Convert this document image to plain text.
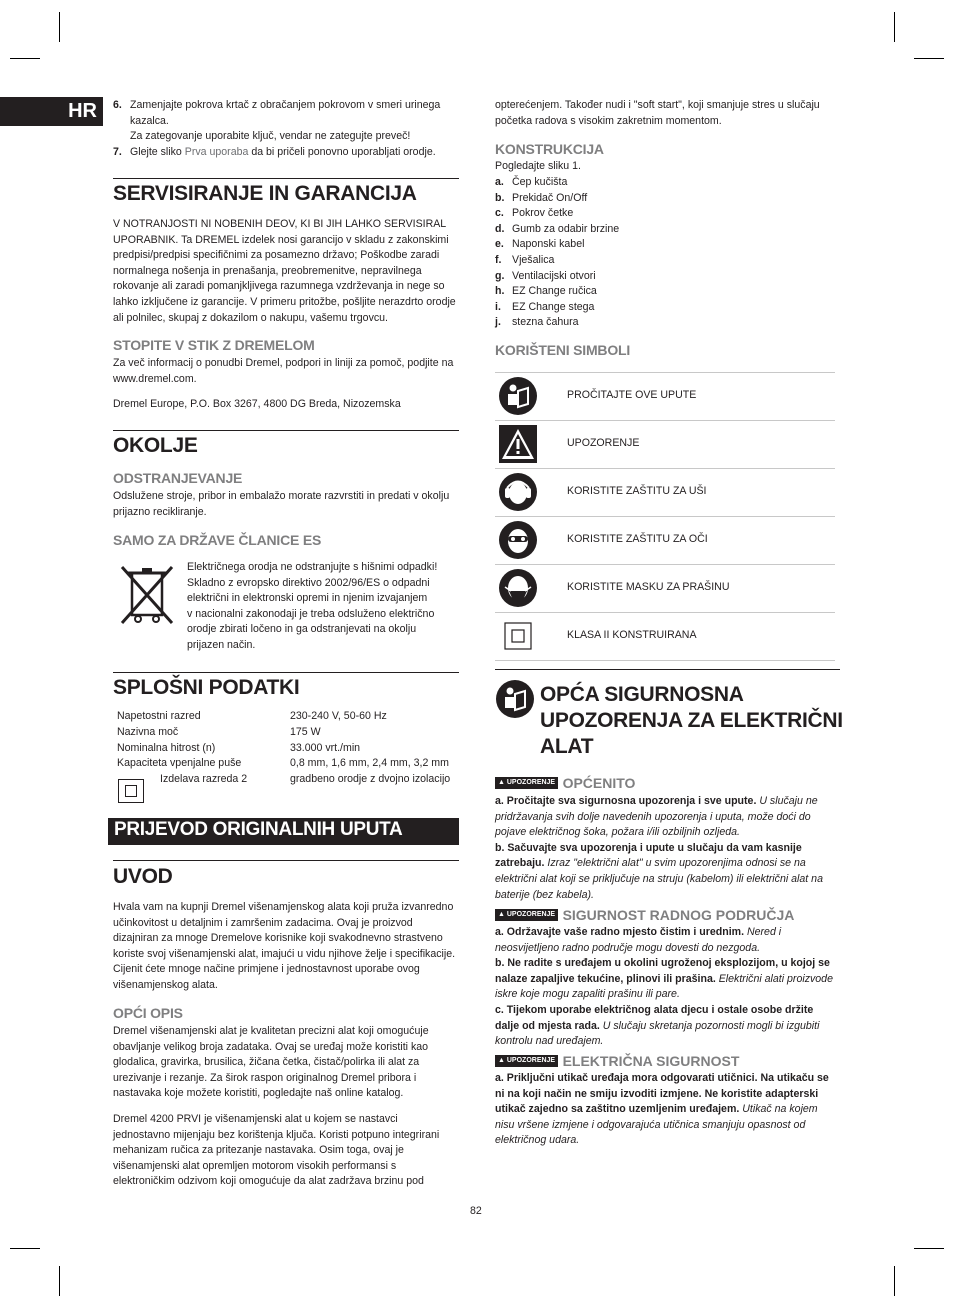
HR	6. Zamenjajte pokrova krtač z obračanjem pokrovom v smeri urinega
kazalca.
Za zategovanje uporabite ključ, vendar ne zategujte preveč!
7. Glejte sliko Prva uporaba da bi pričeli ponovno uporabljati orodje.
SERVISIRANJE IN GARANCIJA
V NOTRANJOSTI NI NOBENIH DEOV, KI BI JIH LAHKO SERVISIRAL
UPORABNIK. Ta DREMEL izdelek nosi garancijo v skladu z zakonskimi
predpisi/predpisi specifičnimi za posamezno državo; Poškodbe zaradi
normalnega nošenja in prenašanja, preobremenitve, nepravilnega
rokovanje ali zaradi pomanjkljivega razumnega vzdrževanja in nege so
lahko izključene iz garancije. V primeru pritožbe, pošljite nerazdrto orodje
ali polnilec, skupaj z dokazilom o nakupu, vašemu trgovcu.
STOPITE V STIK Z DREMELOM
Za več informacij o ponudbi Dremel, podpori in liniji za pomoč, podjite na
www.dremel.com.
Dremel Europe, P.O. Box 3267, 4800 DG Breda, Nizozemska
OKOLJE
ODSTRANJEVANJE
Odslužene stroje, pribor in embalažo morate razvrstiti in predati v okolju
prijazno recikliranje.
SAMO ZA DRŽAVE ČLANICE ES
Električnega orodja ne odstranjujte s hišnimi odpadki!
Skladno z evropsko direktivo 2002/96/ES o odpadni
električni in elektronski opremi in njenim izvajanjem
v nacionalni zakonodaji je treba odsluženo električno
orodje zbirati ločeno in ga odstranjevati na okolju
prijazen način.
SPLOŠNI PODATKI
Napetostni razred	230-240 V, 50-60 Hz
Nazivna moč	175 W
Nominalna hitrost (n)	33.000 vrt./min
Kapaciteta vpenjalne puše	0,8 mm, 1,6 mm, 2,4 mm, 3,2 mm
Izdelava razreda 2	gradbeno orodje z dvojno izolacijo
PRIJEVOD ORIGINALNIH UPUTA
UVOD
Hvala vam na kupnji Dremel višenamjenskog alata koji pruža izvanredno
učinkovitost u detaljnim i zamršenim zadacima. Ovaj je proizvod
dizajniran za mnoge Dremelove korisnike koji svakodnevno strastveno
koriste svoj višenamjenski alat, imajući u vidu njihove želje i specifikacije.
Cijenit ćete mnoge načine primjene i jednostavnost uporabe ovog
višenamjenskog alata.
OPĆI OPIS
Dremel višenamjenski alat je kvalitetan precizni alat koji omogućuje
obavljanje velikog broja zadataka. Ovaj se uređaj može koristiti kao
glodalica, gravirka, brusilica, žičana četka, čistač/polirka ili alat za
urezivanje i rezanje. Za širok raspon originalnog Dremel pribora i
nastavaka koje možete koristiti, pogledajte naš online katalog.
Dremel 4200 PRVI je višenamjenski alat u kojem se nastavci
jednostavno mijenjaju bez korištenja ključa. Koristi potpuno integrirani
mehanizam ručica za pritezanje nastavaka. Osim toga, ovaj je
višenamjenski alat opremljen motorom visokih performansi s
elektroničkim odzivom koji omogućuje da alat zadržava brzinu pod
opterećenjem. Također nudi i "soft start", koji smanjuje stres u slučaju
početka radova s visokim zakretnim momentom.
KONSTRUKCIJA
Pogledajte sliku 1.
a. Čep kučišta
b. Prekidač On/Off
c. Pokrov četke
d. Gumb za odabir brzine
e. Naponski kabel
f. Vješalica
g. Ventilacijski otvori
h. EZ Change ručica
i. EZ Change stega
j. stezna čahura
KORIŠTENI SIMBOLI
PROČITAJTE OVE UPUTE
UPOZORENJE
KORISTITE ZAŠTITU ZA UŠI
KORISTITE ZAŠTITU ZA OČI
KORISTITE MASKU ZA PRAŠINU
KLASA II KONSTRUIRANA
OPĆA SIGURNOSNA
UPOZORENJA ZA ELEKTRIČNI
ALAT
▲ UPOZORENJE OPĆENITO
a. Pročitajte sva sigurnosna upozorenja i sve upute. U slučaju ne
pridržavanja svih dolje navedenih upozorenja i uputa, može doći do
pojave električnog šoka, požara i/ili ozbiljnih ozljeda.
b. Sačuvajte sva upozorenja i upute u slučaju da vam kasnije
zatrebaju. Izraz "električni alat" u svim upozorenjima odnosi se na
električni alat koji se priključuje na struju (kabelom) ili električni alat na
baterije (bez kabela).
▲ UPOZORENJE SIGURNOST RADNOG PODRUČJA
a. Održavajte vaše radno mjesto čistim i urednim. Nered i
neosvijetljeno radno područje mogu dovesti do nezgoda.
b. Ne radite s uređajem u okolini ugroženoj eksplozijom, u kojoj se
nalaze zapaljive tekućine, plinovi ili prašina. Električni alati proizvode
iskre koje mogu zapaliti prašinu ili pare.
c. Tijekom uporabe električnog alata djecu i ostale osobe držite
dalje od mjesta rada. U slučaju skretanja pozornosti mogli bi izgubiti
kontrolu nad uređajem.
▲ UPOZORENJE ELEKTRIČNA SIGURNOST
a. Priključni utikač uređaja mora odgovarati utičnici. Na utikaču se
ni na koji način ne smiju izvoditi izmjene. Ne koristite adapterski
utikač zajedno sa zaštitno uzemljenim uređajem. Utikač na kojem
nisu vršene izmjene i odgovarajuća utičnica smanjuju opasnost od
električnog udara.
82
